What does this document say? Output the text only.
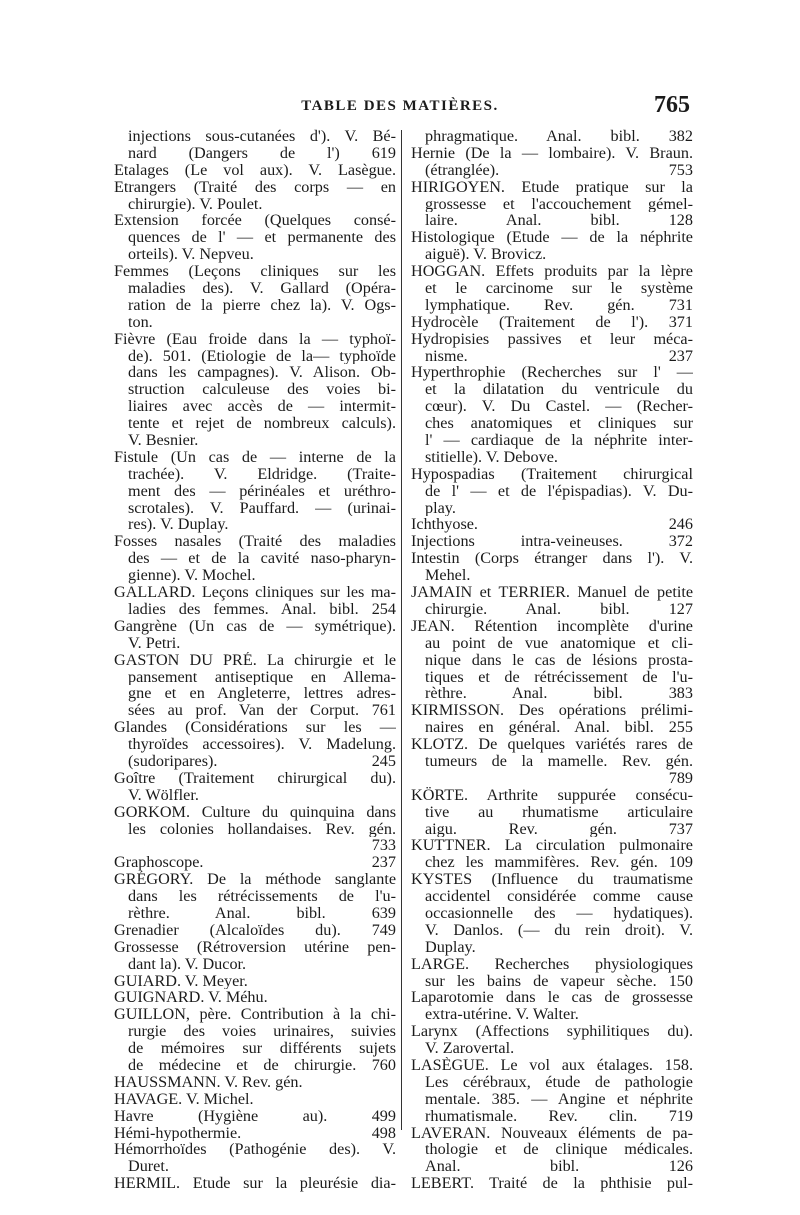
TABLE DES MATIÈRES.	765
injections sous-cutanées d'). V. Bé-
nard (Dangers de l') 619
Etalages (Le vol aux). V. Lasègue.
Etrangers (Traité des corps — en
chirurgie). V. Poulet.
Extension forcée (Quelques consé-
quences de l' — et permanente des
orteils). V. Nepveu.
Femmes (Leçons cliniques sur les
maladies des). V. Gallard (Opéra-
ration de la pierre chez la). V. Ogs-
ton.
Fièvre (Eau froide dans la — typhoï-
de). 501. (Etiologie de la— typhoïde
dans les campagnes). V. Alison. Ob-
struction calculeuse des voies bi-
liaires avec accès de — intermit-
tente et rejet de nombreux calculs).
V. Besnier.
Fistule (Un cas de — interne de la
trachée). V. Eldridge. (Traite-
ment des — périnéales et uréthro-
scrotales). V. Pauffard. — (urinai-
res). V. Duplay.
Fosses nasales (Traité des maladies
des — et de la cavité naso-pharyn-
gienne). V. Mochel.
GALLARD. Leçons cliniques sur les ma-
ladies des femmes. Anal. bibl. 254
Gangrène (Un cas de — symétrique).
V. Petri.
GASTON DU PRÉ. La chirurgie et le
pansement antiseptique en Allema-
gne et en Angleterre, lettres adres-
sées au prof. Van der Corput. 761
Glandes (Considérations sur les —
thyroïdes accessoires). V. Madelung.
(sudoripares). 245
Goître (Traitement chirurgical du).
V. Wölfler.
GORKOM. Culture du quinquina dans
les colonies hollandaises. Rev. gén.
733
Graphoscope. 237
GRÉGORY. De la méthode sanglante
dans les rétrécissements de l'u-
rèthre. Anal. bibl. 639
Grenadier (Alcaloïdes du). 749
Grossesse (Rétroversion utérine pen-
dant la). V. Ducor.
GUIARD. V. Meyer.
GUIGNARD. V. Méhu.
GUILLON, père. Contribution à la chi-
rurgie des voies urinaires, suivies
de mémoires sur différents sujets
de médecine et de chirurgie. 760
HAUSSMANN. V. Rev. gén.
HAVAGE. V. Michel.
Havre (Hygiène au). 499
Hémi-hypothermie. 498
Hémorrhoïdes (Pathogénie des). V.
Duret.
HERMIL. Etude sur la pleurésie dia-
phragmatique. Anal. bibl. 382
Hernie (De la — lombaire). V. Braun.
(étranglée). 753
HIRIGOYEN. Etude pratique sur la
grossesse et l'accouchement gémel-
laire. Anal. bibl. 128
Histologique (Etude — de la néphrite
aiguë). V. Brovicz.
HOGGAN. Effets produits par la lèpre
et le carcinome sur le système
lymphatique. Rev. gén. 731
Hydrocèle (Traitement de l'). 371
Hydropisies passives et leur méca-
nisme. 237
Hyperthrophie (Recherches sur l' —
et la dilatation du ventricule du
cœur). V. Du Castel. — (Recher-
ches anatomiques et cliniques sur
l' — cardiaque de la néphrite inter-
stitielle). V. Debove.
Hypospadias (Traitement chirurgical
de l' — et de l'épispadias). V. Du-
play.
Ichthyose. 246
Injections intra-veineuses. 372
Intestin (Corps étranger dans l'). V.
Mehel.
JAMAIN et TERRIER. Manuel de petite
chirurgie. Anal. bibl. 127
JEAN. Rétention incomplète d'urine
au point de vue anatomique et cli-
nique dans le cas de lésions prosta-
tiques et de rétrécissement de l'u-
rèthre. Anal. bibl. 383
KIRMISSON. Des opérations prélimi-
naires en général. Anal. bibl. 255
KLOTZ. De quelques variétés rares de
tumeurs de la mamelle. Rev. gén.
789
KÖRTE. Arthrite suppurée consécu-
tive au rhumatisme articulaire
aigu. Rev. gén. 737
KUTTNER. La circulation pulmonaire
chez les mammifères. Rev. gén. 109
KYSTES (Influence du traumatisme
accidentel considérée comme cause
occasionnelle des — hydatiques).
V. Danlos. (— du rein droit). V.
Duplay.
LARGE. Recherches physiologiques
sur les bains de vapeur sèche. 150
Laparotomie dans le cas de grossesse
extra-utérine. V. Walter.
Larynx (Affections syphilitiques du).
V. Zarovertal.
LASÈGUE. Le vol aux étalages. 158.
Les cérébraux, étude de pathologie
mentale. 385. — Angine et néphrite
rhumatismale. Rev. clin. 719
LAVERAN. Nouveaux éléments de pa-
thologie et de clinique médicales.
Anal. bibl. 126
LEBERT. Traité de la phthisie pul-
